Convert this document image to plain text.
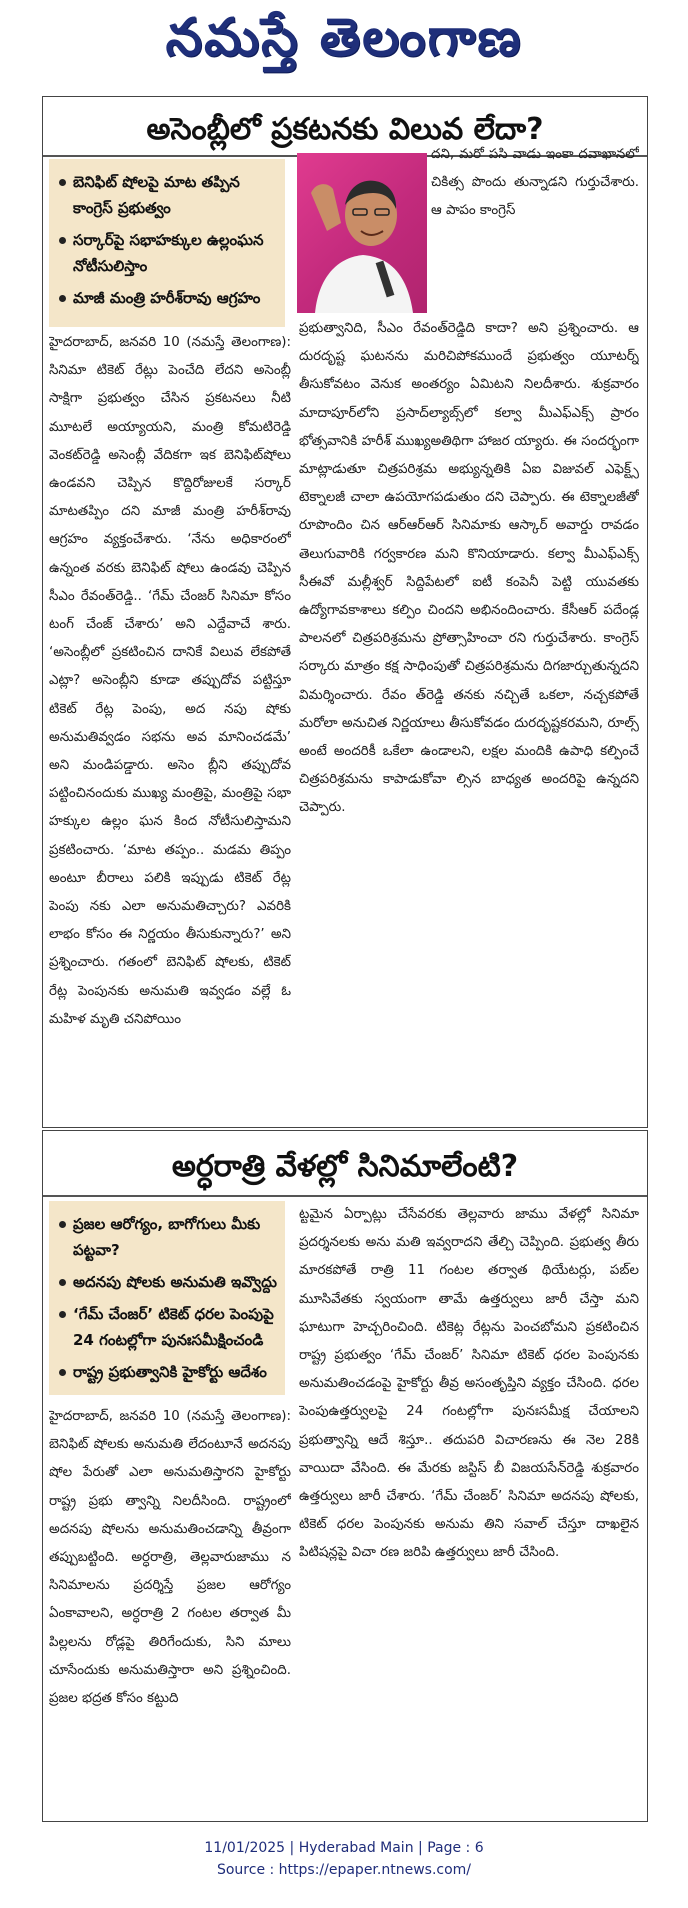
నమస్తే తెలంగాణ
అసెంబ్లీలో ప్రకటనకు విలువ లేదా?
బెనిఫిట్ షోలపై మాట తప్పిన కాంగ్రెస్ ప్రభుత్వం
సర్కార్‌పై సభాహక్కుల ఉల్లంఘన నోటీసులిస్తాం
మాజీ మంత్రి హరీశ్‌రావు ఆగ్రహం

దని, మరో పసి వాడు ఇంకా దవాఖానలో చికిత్స పొందు తున్నాడని గుర్తుచేశారు. ఆ పాపం కాంగ్రెస్

హైదరాబాద్, జనవరి 10 (నమస్తే తెలంగాణ): సినిమా టికెట్ రేట్లు పెంచేది లేదని అసెంబ్లీ సాక్షిగా ప్రభుత్వం చేసిన ప్రకటనలు నీటి మూటలే అయ్యాయని, మంత్రి కోమటిరెడ్డి వెంకట్‌రెడ్డి అసెంబ్లీ వేదికగా ఇక బెనిఫిట్‌షోలు ఉండవని చెప్పిన కొద్దిరోజులకే సర్కార్ మాటతప్పిం దని మాజీ మంత్రి హరీశ్‌రావు ఆగ్రహం వ్యక్తంచేశారు. ‘నేను అధికారంలో ఉన్నంత వరకు బెనిఫిట్ షోలు ఉండవు చెప్పిన సీఎం రేవంత్‌రెడ్డి.. ‘గేమ్ చేంజర్ సినిమా కోసం టంగ్ చేంజ్ చేశారు’ అని ఎద్దేవాచే శారు. ‘అసెంబ్లీలో ప్రకటించిన దానికే విలువ లేకపోతే ఎట్లా? అసెంబ్లీని కూడా తప్పుదోవ పట్టిస్తూ టికెట్ రేట్ల పెంపు, అద నపు షోకు అనుమతివ్వడం సభను అవ మానించడమే’ అని మండిపడ్డారు. అసెం బ్లీని తప్పుదోవ పట్టించినందుకు ముఖ్య మంత్రిపై, మంత్రిపై సభా హక్కుల ఉల్లం ఘన కింద నోటీసులిస్తామని ప్రకటించారు. ‘మాట తప్పం.. మడమ తిప్పం అంటూ బీరాలు పలికి ఇప్పుడు టికెట్ రేట్ల పెంపు నకు ఎలా అనుమతిచ్చారు? ఎవరికి లాభం కోసం ఈ నిర్ణయం తీసుకున్నారు?’ అని ప్రశ్నించారు. గతంలో బెనిఫిట్ షోలకు, టికెట్ రేట్ల పెంపునకు అనుమతి ఇవ్వడం వల్లే ఓ మహిళ మృతి చనిపోయిం

ప్రభుత్వానిది, సీఎం రేవంత్‌రెడ్డిది కాదా? అని ప్రశ్నించారు. ఆ దురదృష్ట ఘటనను మరిచిపోకముందే ప్రభుత్వం యూటర్న్ తీసుకోవటం వెనుక అంతర్యం ఏమిటని నిలదీశారు. శుక్రవారం మాదాపూర్‌లోని ప్రసాద్‌ల్యాబ్స్‌లో కల్వా మీఎఫ్‌ఎక్స్ ప్రారం భోత్సవానికి హరీశ్ ముఖ్యఅతిథిగా హాజర య్యారు. ఈ సందర్భంగా మాట్లాడుతూ చిత్రపరిశ్రమ అభ్యున్నతికి ఏఐ విజువల్ ఎఫెక్ట్స్ టెక్నాలజీ చాలా ఉపయోగపడుతుం దని చెప్పారు. ఈ టెక్నాలజీతో రూపొందిం చిన ఆర్‌ఆర్‌ఆర్ సినిమాకు ఆస్కార్ అవార్డు రావడం తెలుగువారికి గర్వకారణ మని కొనియాడారు. కల్వా మీఎఫ్‌ఎక్స్ సీఈవో మల్లీశ్వర్ సిద్దిపేటలో ఐటీ కంపెనీ పెట్టి యువతకు ఉద్యోగావకాశాలు కల్పిం చిందని అభినందించారు. కేసీఆర్ పదేండ్ల పాలనలో చిత్రపరిశ్రమను ప్రోత్సాహించా రని గుర్తుచేశారు. కాంగ్రెస్ సర్కారు మాత్రం కక్ష సాధింపుతో చిత్రపరిశ్రమను దిగజార్చుతున్నదని విమర్శించారు. రేవం త్‌రెడ్డి తనకు నచ్చితే ఒకలా, నచ్చకపోతే మరోలా అనుచిత నిర్ణయాలు తీసుకోవడం దురదృష్టకరమని, రూల్స్ అంటే అందరికీ ఒకేలా ఉండాలని, లక్షల మందికి ఉపాధి కల్పించే చిత్రపరిశ్రమను కాపాడుకోవా ల్సిన బాధ్యత అందరిపై ఉన్నదని చెప్పారు.

అర్ధరాత్రి వేళల్లో సినిమాలేంటి?
ప్రజల ఆరోగ్యం, బాగోగులు మీకు పట్టవా?
అదనపు షోలకు అనుమతి ఇవ్వొద్దు
‘గేమ్ చేంజర్’ టికెట్ ధరల పెంపుపై 24 గంటల్లోగా పునఃసమీక్షించండి
రాష్ట్ర ప్రభుత్వానికి హైకోర్టు ఆదేశం

హైదరాబాద్, జనవరి 10 (నమస్తే తెలంగాణ): బెనిఫిట్ షోలకు అనుమతి లేదంటూనే అదనపు షోల పేరుతో ఎలా అనుమతిస్తారని హైకోర్టు రాష్ట్ర ప్రభు త్వాన్ని నిలదీసింది. రాష్ట్రంలో అదనపు షోలను అనుమతించడాన్ని తీవ్రంగా తప్పుబట్టింది. అర్ధరాత్రి, తెల్లవారుజాము న సినిమాలను ప్రదర్శిస్తే ప్రజల ఆరోగ్యం ఏంకావాలని, అర్ధరాత్రి 2 గంటల తర్వాత మీ పిల్లలను రోడ్లపై తిరిగేందుకు, సిని మాలు చూసేందుకు అనుమతిస్తారా అని ప్రశ్నించింది. ప్రజల భద్రత కోసం కట్టుది

ట్టమైన ఏర్పాట్లు చేసేవరకు తెల్లవారు జాము వేళల్లో సినిమా ప్రదర్శనలకు అను మతి ఇవ్వరాదని తేల్చి చెప్పింది. ప్రభుత్వ తీరు మారకపోతే రాత్రి 11 గంటల తర్వాత థియేటర్లు, పబ్‌ల మూసివేతకు స్వయంగా తామే ఉత్తర్వులు జారీ చేస్తా మని ఘాటుగా హెచ్చరించింది. టికెట్ల రేట్లను పెంచబోమని ప్రకటించిన రాష్ట్ర ప్రభుత్వం ‘గేమ్ చేంజర్’ సినిమా టికెట్ ధరల పెంపునకు అనుమతించడంపై హైకోర్టు తీవ్ర అసంతృప్తిని వ్యక్తం చేసింది. ధరల పెంపుఉత్తర్వులపై 24 గంటల్లోగా పునఃసమీక్ష చేయాలని ప్రభుత్వాన్ని ఆదే శిస్తూ.. తదుపరి విచారణను ఈ నెల 28కి వాయిదా వేసింది. ఈ మేరకు జస్టిస్ బీ విజయసేన్‌రెడ్డి శుక్రవారం ఉత్తర్వులు జారీ చేశారు. ‘గేమ్ చేంజర్’ సినిమా అదనపు షోలకు, టికెట్ ధరల పెంపునకు అనుమ తిని సవాల్ చేస్తూ దాఖలైన పిటిషన్లపై విచా రణ జరిపి ఉత్తర్వులు జారీ చేసింది.

11/01/2025 | Hyderabad Main | Page : 6
Source : https://epaper.ntnews.com/
